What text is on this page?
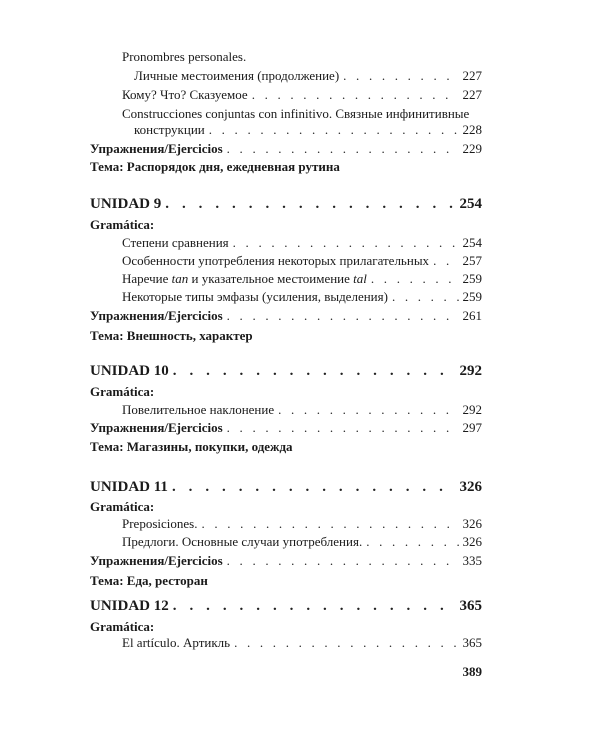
Pronombres personales.
Личные местоимения (продолжение) . . .	227
Кому? Что? Сказуемое . . .	227
Construcciones conjuntas con infinitivo. Связные инфинитивные
конструкции . . .	228
Упражнения/Ejercicios . . .	229
Тема: Распорядок дня, ежедневная рутина
UNIDAD 9 . . .	254
Gramática:
Степени сравнения . . .	254
Особенности употребления некоторых прилагательных . . .	257
Наречие tan и указательное местоимение tal . . .	259
Некоторые типы эмфазы (усиления, выделения) . . .	259
Упражнения/Ejercicios . . .	261
Тема: Внешность, характер
UNIDAD 10 . . .	292
Gramática:
Повелительное наклонение . . .	292
Упражнения/Ejercicios . . .	297
Тема: Магазины, покупки, одежда
UNIDAD 11 . . .	326
Gramática:
Preposiciones. . . .	326
Предлоги. Основные случаи употребления. . . .	326
Упражнения/Ejercicios . . .	335
Тема: Еда, ресторан
UNIDAD 12 . . .	365
Gramática:
El artículo. Артикль . . .	365
389
